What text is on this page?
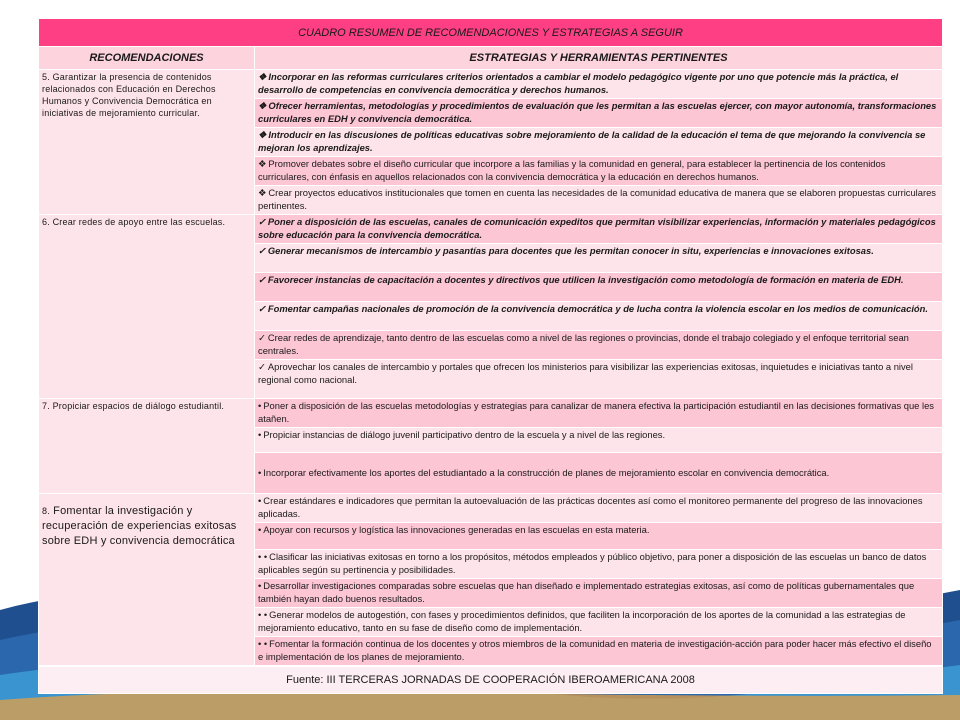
CUADRO RESUMEN DE RECOMENDACIONES Y ESTRATEGIAS A SEGUIR	
RECOMENDACIONES	ESTRATEGIAS Y HERRAMIENTAS PERTINENTES
5. Garantizar la presencia de contenidos relacionados con Educación en Derechos Humanos y Convivencia Democrática en iniciativas de mejoramiento curricular.	❖ Incorporar en las reformas curriculares criterios orientados a cambiar el modelo pedagógico vigente por uno que potencie más la práctica, el desarrollo de competencias en convivencia democrática y derechos humanos.
	❖ Ofrecer herramientas, metodologías y procedimientos de evaluación que les permitan a las escuelas ejercer, con mayor autonomía, transformaciones curriculares en EDH y convivencia democrática.
	❖ Introducir en las discusiones de políticas educativas sobre mejoramiento de la calidad de la educación el tema de que mejorando la convivencia se mejoran los aprendizajes.
	❖ Promover debates sobre el diseño curricular que incorpore a las familias y la comunidad en general, para establecer la pertinencia de los contenidos curriculares, con énfasis en aquellos relacionados con la convivencia democrática y la educación en derechos humanos.
	❖ Crear proyectos educativos institucionales que tomen en cuenta las necesidades de la comunidad educativa de manera que se elaboren propuestas curriculares pertinentes.
6. Crear redes de apoyo entre las escuelas.	✓ Poner a disposición de las escuelas, canales de comunicación expeditos que permitan visibilizar experiencias, información y materiales pedagógicos sobre educación para la convivencia democrática.
	✓ Generar mecanismos de intercambio y pasantías para docentes que les permitan conocer in situ, experiencias e innovaciones exitosas.
	✓ Favorecer instancias de capacitación a docentes y directivos que utilicen la investigación como metodología de formación en materia de EDH.
	✓ Fomentar campañas nacionales de promoción de la convivencia democrática y de lucha contra la violencia escolar en los medios de comunicación.
	✓ Crear redes de aprendizaje, tanto dentro de las escuelas como a nivel de las regiones o provincias, donde el trabajo colegiado y el enfoque territorial sean centrales.
	✓ Aprovechar los canales de intercambio y portales que ofrecen los ministerios para visibilizar las experiencias exitosas, inquietudes e iniciativas tanto a nivel regional como nacional.
7. Propiciar espacios de diálogo estudiantil.	• Poner a disposición de las escuelas metodologías y estrategias para canalizar de manera efectiva la participación estudiantil en las decisiones formativas que les atañen.
	• Propiciar instancias de diálogo juvenil participativo dentro de la escuela y a nivel de las regiones.
	• Incorporar efectivamente los aportes del estudiantado a la construcción de planes de mejoramiento escolar en convivencia democrática.
8. Fomentar la investigación y recuperación de experiencias exitosas sobre EDH y convivencia democrática	• Crear estándares e indicadores que permitan la autoevaluación de las prácticas docentes así como el monitoreo permanente del progreso de las innovaciones aplicadas.
	• Apoyar con recursos y logística las innovaciones generadas en las escuelas en esta materia.
	• • Clasificar las iniciativas exitosas en torno a los propósitos, métodos empleados y público objetivo, para poner a disposición de las escuelas un banco de datos aplicables según su pertinencia y posibilidades.
	• Desarrollar investigaciones comparadas sobre escuelas que han diseñado e implementado estrategias exitosas, así como de políticas gubernamentales que también hayan dado buenos resultados.
	• • Generar modelos de autogestión, con fases y procedimientos definidos, que faciliten la incorporación de los aportes de la comunidad a las estrategias de mejoramiento educativo, tanto en su fase de diseño como de implementación.
	• • Fomentar la formación continua de los docentes y otros miembros de la comunidad en materia de investigación-acción para poder hacer más efectivo el diseño e implementación de los planes de mejoramiento.
Fuente: III TERCERAS JORNADAS DE COOPERACIÓN IBEROAMERICANA 2008	
